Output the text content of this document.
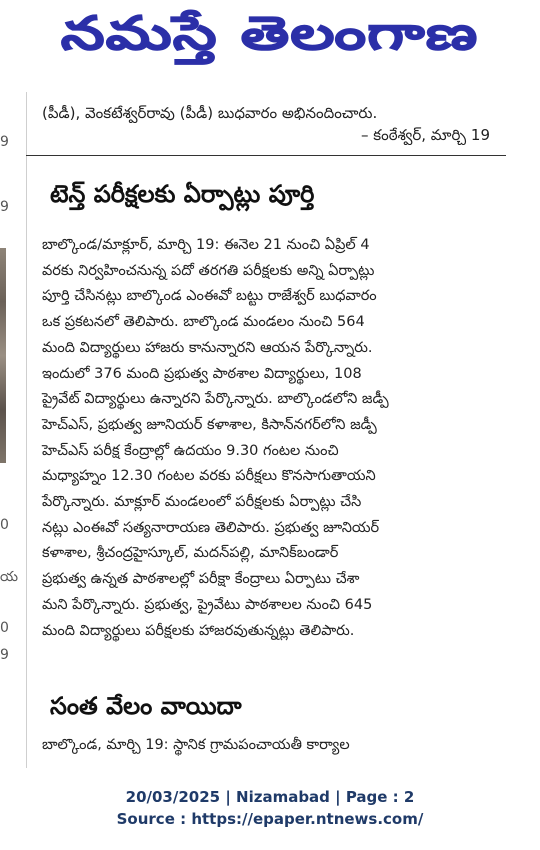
నమస్తే తెలంగాణ
9
9
0
య
0
9
(పీడీ), వెంకటేశ్వర్‌రావు (పీడీ) బుధవారం అభినందించారు.
– కంఠేశ్వర్‌, మార్చి 19
టెన్త్‌ పరీక్షలకు ఏర్పాట్లు పూర్తి
బాల్కొండ/మాక్లూర్‌, మార్చి 19: ఈనెల 21 నుంచి ఏప్రిల్‌ 4
వరకు నిర్వహించనున్న పదో తరగతి పరీక్షలకు అన్ని ఏర్పాట్లు
పూర్తి చేసినట్లు బాల్కొండ ఎంఈవో బట్టు రాజేశ్వర్‌ బుధవారం
ఒక ప్రకటనలో తెలిపారు. బాల్కొండ మండలం నుంచి 564
మంది విద్యార్థులు హాజరు కానున్నారని ఆయన పేర్కొన్నారు.
ఇందులో 376 మంది ప్రభుత్వ పాఠశాల విద్యార్థులు, 108
ప్రైవేట్‌ విద్యార్థులు ఉన్నారని పేర్కొన్నారు. బాల్కొండలోని జడ్పీ
హెచ్‌ఎస్‌, ప్రభుత్వ జూనియర్‌ కళాశాల, కిసాన్‌నగర్‌లోని జడ్పీ
హెచ్‌ఎస్‌ పరీక్ష కేంద్రాల్లో ఉదయం 9.30 గంటల నుంచి
మధ్యాహ్నం 12.30 గంటల వరకు పరీక్షలు కొనసాగుతాయని
పేర్కొన్నారు. మాక్లూర్‌ మండలంలో పరీక్షలకు ఏర్పాట్లు చేసి
నట్లు ఎంఈవో సత్యనారాయణ తెలిపారు. ప్రభుత్వ జూనియర్‌
కళాశాల, శ్రీచంద్రహైస్కూల్‌, మదన్‌పల్లి, మానిక్‌బండార్‌
ప్రభుత్వ ఉన్నత పాఠశాలల్లో పరీక్షా కేంద్రాలు ఏర్పాటు చేశా
మని పేర్కొన్నారు. ప్రభుత్వ, ప్రైవేటు పాఠశాలల నుంచి 645
మంది విద్యార్థులు పరీక్షలకు హాజరవుతున్నట్లు తెలిపారు.
సంత వేలం వాయిదా
బాల్కొండ, మార్చి 19: స్థానిక గ్రామపంచాయతీ కార్యాల
20/03/2025 | Nizamabad | Page : 2
Source : https://epaper.ntnews.com/
